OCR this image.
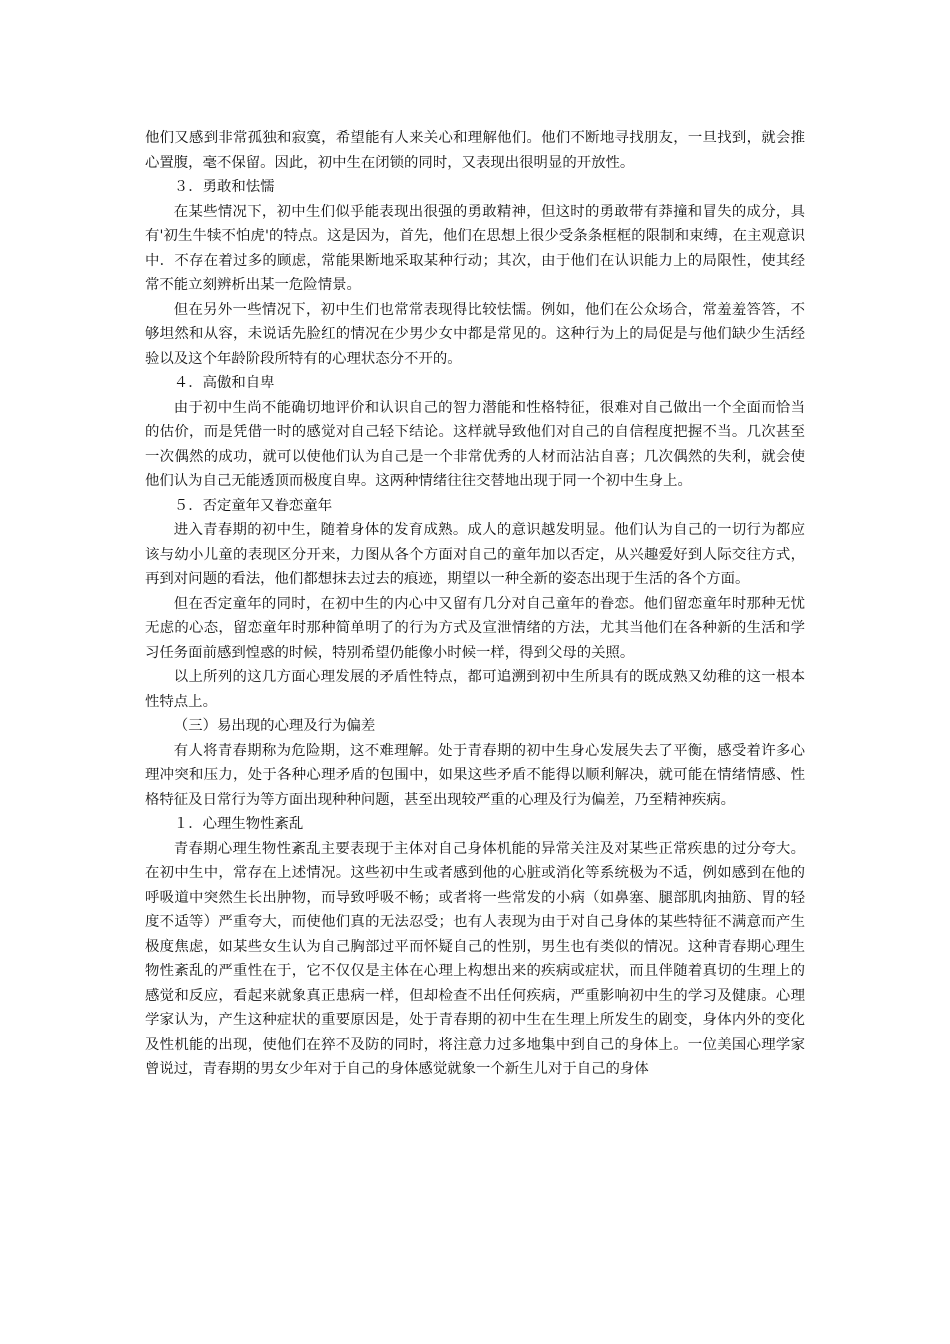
他们又感到非常孤独和寂寞，希望能有人来关心和理解他们。他们不断地寻找朋友，一旦找到，就会推心置腹，毫不保留。因此，初中生在闭锁的同时，又表现出很明显的开放性。

３．勇敢和怯懦

在某些情况下，初中生们似乎能表现出很强的勇敢精神，但这时的勇敢带有莽撞和冒失的成分，具有'初生牛犊不怕虎'的特点。这是因为，首先，他们在思想上很少受条条框框的限制和束缚，在主观意识中．不存在着过多的顾虑，常能果断地采取某种行动；其次，由于他们在认识能力上的局限性，使其经常不能立刻辨析出某一危险情景。

但在另外一些情况下，初中生们也常常表现得比较怯懦。例如，他们在公众场合，常羞羞答答，不够坦然和从容，未说话先脸红的情况在少男少女中都是常见的。这种行为上的局促是与他们缺少生活经验以及这个年龄阶段所特有的心理状态分不开的。

４．高傲和自卑

由于初中生尚不能确切地评价和认识自己的智力潜能和性格特征，很难对自己做出一个全面而恰当的估价，而是凭借一时的感觉对自己轻下结论。这样就导致他们对自己的自信程度把握不当。几次甚至一次偶然的成功，就可以使他们认为自己是一个非常优秀的人材而沾沾自喜；几次偶然的失利，就会使他们认为自己无能透顶而极度自卑。这两种情绪往往交替地出现于同一个初中生身上。

５．否定童年又眷恋童年

进入青春期的初中生，随着身体的发育成熟。成人的意识越发明显。他们认为自己的一切行为都应该与幼小儿童的表现区分开来，力图从各个方面对自己的童年加以否定，从兴趣爱好到人际交往方式，再到对问题的看法，他们都想抹去过去的痕迹，期望以一种全新的姿态出现于生活的各个方面。

但在否定童年的同时，在初中生的内心中又留有几分对自己童年的眷恋。他们留恋童年时那种无忧无虑的心态，留恋童年时那种简单明了的行为方式及宣泄情绪的方法，尤其当他们在各种新的生活和学习任务面前感到惶惑的时候，特别希望仍能像小时候一样，得到父母的关照。

以上所列的这几方面心理发展的矛盾性特点，都可追溯到初中生所具有的既成熟又幼稚的这一根本性特点上。

（三）易出现的心理及行为偏差

有人将青春期称为危险期，这不难理解。处于青春期的初中生身心发展失去了平衡，感受着许多心理冲突和压力，处于各种心理矛盾的包围中，如果这些矛盾不能得以顺利解决，就可能在情绪情感、性格特征及日常行为等方面出现种种问题，甚至出现较严重的心理及行为偏差，乃至精神疾病。

１．心理生物性紊乱

青春期心理生物性紊乱主要表现于主体对自己身体机能的异常关注及对某些正常疾患的过分夸大。在初中生中，常存在上述情况。这些初中生或者感到他的心脏或消化等系统极为不适，例如感到在他的呼吸道中突然生长出肿物，而导致呼吸不畅；或者将一些常发的小病（如鼻塞、腿部肌肉抽筋、胃的轻度不适等）严重夸大，而使他们真的无法忍受；也有人表现为由于对自己身体的某些特征不满意而产生极度焦虑，如某些女生认为自己胸部过平而怀疑自己的性别，男生也有类似的情况。这种青春期心理生物性紊乱的严重性在于，它不仅仅是主体在心理上构想出来的疾病或症状，而且伴随着真切的生理上的感觉和反应，看起来就象真正患病一样，但却检查不出任何疾病，严重影响初中生的学习及健康。心理学家认为，产生这种症状的重要原因是，处于青春期的初中生在生理上所发生的剧变，身体内外的变化及性机能的出现，使他们在猝不及防的同时，将注意力过多地集中到自己的身体上。一位美国心理学家曾说过，青春期的男女少年对于自己的身体感觉就象一个新生儿对于自己的身体
